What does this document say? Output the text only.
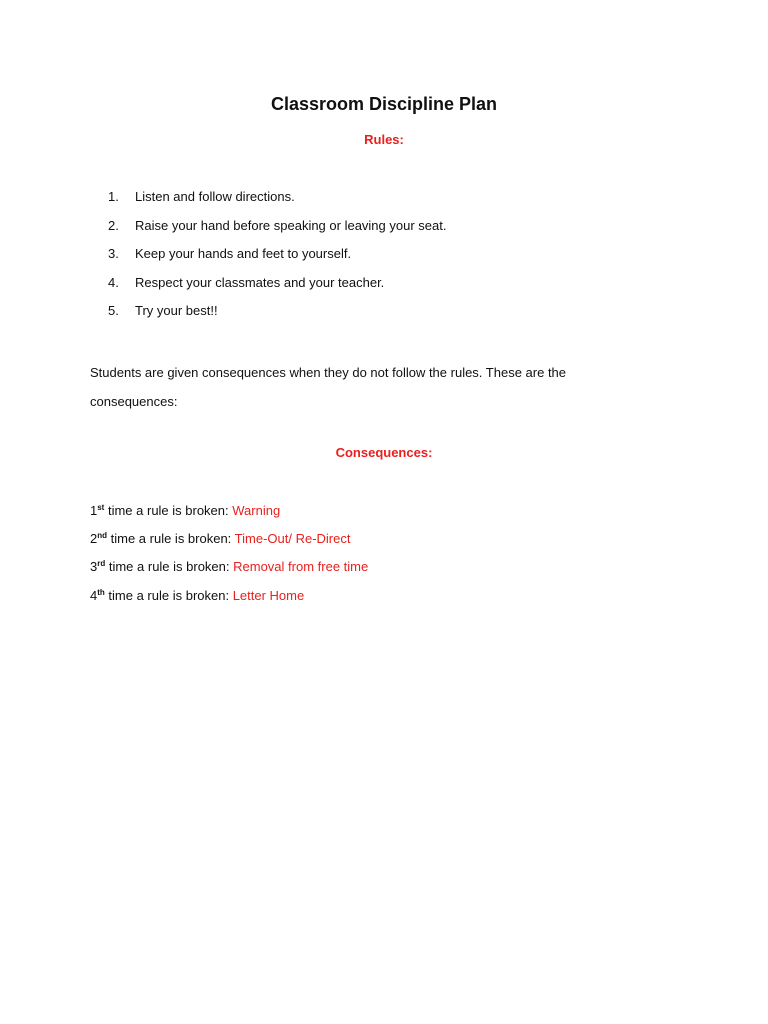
Classroom Discipline Plan
Rules:
1.	Listen and follow directions.
2.	Raise your hand before speaking or leaving your seat.
3.	Keep your hands and feet to yourself.
4.	Respect your classmates and your teacher.
5.	Try your best!!
Students are given consequences when they do not follow the rules. These are the consequences:
Consequences:
1st time a rule is broken: Warning
2nd time a rule is broken: Time-Out/ Re-Direct
3rd time a rule is broken: Removal from free time
4th time a rule is broken: Letter Home
